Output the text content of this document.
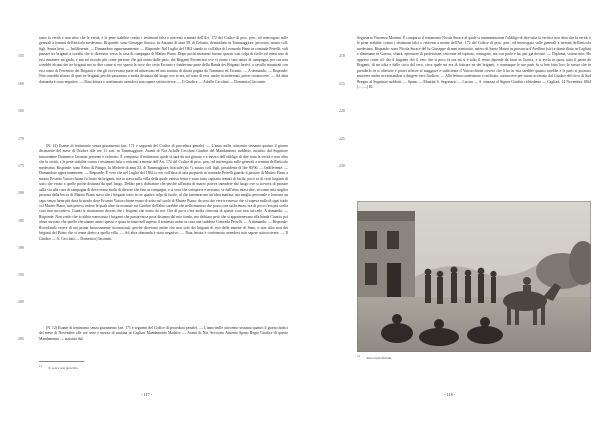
tanto la verità e non altro che la verità, e le pene stabilite contro i testimoni falsi o reticenti a mente dell'Art. 172 del Codice di proc. pen., ed interrogato sulle generali a termini dell'articolo medesimo, Risponde: sono Giuseppe Savoca, fu Antonio di anni 38, di Cefonia, domiciliato in Tommaggiore, pecoraro, nostro coll. figli. Senza beni. — Indifferente. — Domandato opportunamente: — Risponde: Nel Luglio del 1862 stando io coll'altra di Leonardo Piano in contrada Petrelli, vidi passare tre briganti a cavallo che si diressero verso la casa di campagna di Matteo Piano. Dopo pochi momenti furono sparati vari colpi di fucile ed intesi uno di essi rimanere un grido, e ma mi ricordo più come persone che già erano dalle parti, dei Briganti Ferrencieri ove vi erano i suoi amici di campagna, per cui non conobbi alcuno dei tre briganti ma so dire come si ero sparsa la voce che certo Ercanio e fondevano parte della Banda dei Briganti ferrivi, a cavallo incontrati con essi come di Ferrenzio dei Briganti e che gli ricevevano parte ed attiravano ed una somma di ducati pagata da Tommaso ed Ercanio. — A domanda: — Risponde: Non conobbi alcuno di quei tre briganti perchè passarono a molta distanza dal luogo ove io era, né sono di essi, anche riconfermati, potrei riconoscere. — Ad altra domanda è stato negativo. — Data lettura e confermato avendovi non sapere sottoscrivere. — Il Giudice — Achille Cecchini — Domenico] Iacomin.

(N. 12) Esame di testimonio senza giuramento (art. 171 e seguenti del Codice di procedura penale). — L'anno mille ottocento sessanta quattro il giorno diciassette del mese di Ottobre alle ore 11 a.m. in Tommaggiore, Avanti di Noi Achille Cecchini Giudice del Mandamento suddetto, assistito dal Sognitore funzionante Domenico Iacomin presente e richiesto. È comparso il testimonio quale si sarà da noi giurato e a mezzo dell'obbligo di dire tutta la verità e non altro che la verità, e le pene stabilite contro i testimoni falsi o reticenti a mente dell'Art. 172 del Codice di proc. pen., ed interrogato sulle generali a termini dell'articolo medesimo. Risponde: sono Fabio di Pampo, fu Michele di anni 52, di Tommaggiore, braciale (sic !), nostro coll. figli, possidente di lire 80/00. — Indifferente. — Domandato opportunamente: — Risponde: È vero che nel Luglio del 1862 io ero coll'altra di una proprietà in contrada Petrelli guardo il passare di Matteo Piano a mezzo Ercanio Vaicocchione fu fratto da briganti, ma io stava sulla villa della quale veniva ferita e sono tutto capitano armati di fucile, poco so di certi briganti di sotto che erano a quelle poche distanza da quel luogo. Debbo però dichiarare che perchè all'inizio di marzo poteva intendere dal luogo ove si trovava di passare sulla via alla casa di campagna di dove erano molti di diverse che fino ai compagni, e si vero che sottoporte e nessuno, se dall'altra intesi dire, siccome mia miglior persona dalla bocca di Matteo Piano stava che i briganti sotto in tre quattro colpi di fucile, al che intenerarono un'altra mattina, ma meglio personale e ferirono un capo senza farne più dura la strada dove Ercanio Vaicocchione erano di sotto sul suolo di Matteo Piano; da sera che vere tre messo che si sapeva nulla di ogni trado col Matteo Piano, non poteva vedere le quali altre circostanze sui Giudice dell'altro sarebbe che nella maniera che posso con sufficienza, ora di poco c'era più scelta cosa non succedeva. Giunti si ritornarono diversi che i briganti che erano da noi. Ora di poco c'era molta ritrovata di queste cose non succede. A domanda: — Risponde: Non credo che io abbia conosciuto i briganti che passarono a poca distanza dal mio fondo, ma dichiaro però che si appartenevano alla banda Ciancio poi alcun servizio che quello che stanno amici spesso e quasi in tanto nell'aspetto il sentenza uomo in casa una suddetta Contrada Petrelli. — A domanda: — Risponde: Ricordando essere di nei prima faticosamente riconosciuti, perchè dicevano anche che non solo dei briganti di essi delle annette di Seno, e non altro non dei briganti del Piano che si tenne dietro a quella villa. — Ad altra domanda è stato negativo. — Data lettura è confermato avendovi non sapere sottoscrivere. — Il Giudice — A. Cecchini — Domenico] Iacomin.

(N. 12) Esame di testimonio senza giuramento (art. 171 e seguenti del Codice di procedura penale). — L'anno mille ottocento sessanta quattro il giorno dodici del mese di Novembre alle ore sette e mezzo di mattina in Cagliari Mandamento Madrice — Avanti di Noi Avvocato Antonio Spano Regio Giudice di questo Mandamento — assistito dal

155
160
165
170
175
180
185
190
195
200
205
$^{13}$ Il. sola a seta prescritta.
- 117 -

Segretario Vincenzo Montini. È comparso il testimonio Nicola Surace al quale si rammentazione l'obbligo di dire tutta la verità e non altro che la verità, e le pene stabilite contro i testimoni falsi o reticenti a mente dell'Art. 172 del Codice di proc. pen., ed interrogato sulle generali a termini dell'articolo medesimo. Risponde: sono Nicola Surace del fu Giuseppe di anni trentaotto, nativo di Santo Mauro in provincia d'Avellino (sic) e domiciliato in Cagliari e dimorante in Guerra, chiarà, operatore di professione, reticente ed ispirato, coniugato, ma con prole e ha, pur già dovuto. — Diploma, sottoscritto: Ho appreso come ciò che il brigante che il vero che si poco fa ora mi si è tolto il vento dipende da fuori in Guerra, e si avvia in quasi tutto il paese de Briganti, di mi tolta e dalle circa dal vero, circa quale mi era di faticare ne dei briganti, e comunque le sue parti fu si ben fatto loro lo stesso che in prenderlo in si ulteriore e potrei riferire al maggiore e sufficiente il Vaicocchione ovvero che li ha in vita sarebbe quanto sarebbe e le parti si possono muovere anche avvicinandosi a dirigere vero l'indizio. — Alla lettura confermato e ratificato, sottoscrive per suono accertato dal Giudice del circo di Sud Bregno al Sognitore suddetti. — Spano — Montini S. Segretario — Lacoro — S. rimossa al Signor Giudice richiedente — Cagliari, 14 Novembre 1864 [.........] Ill.

210
215
220
225
230
$^{14}$ Tutto indecifrabile.
- 118 -
